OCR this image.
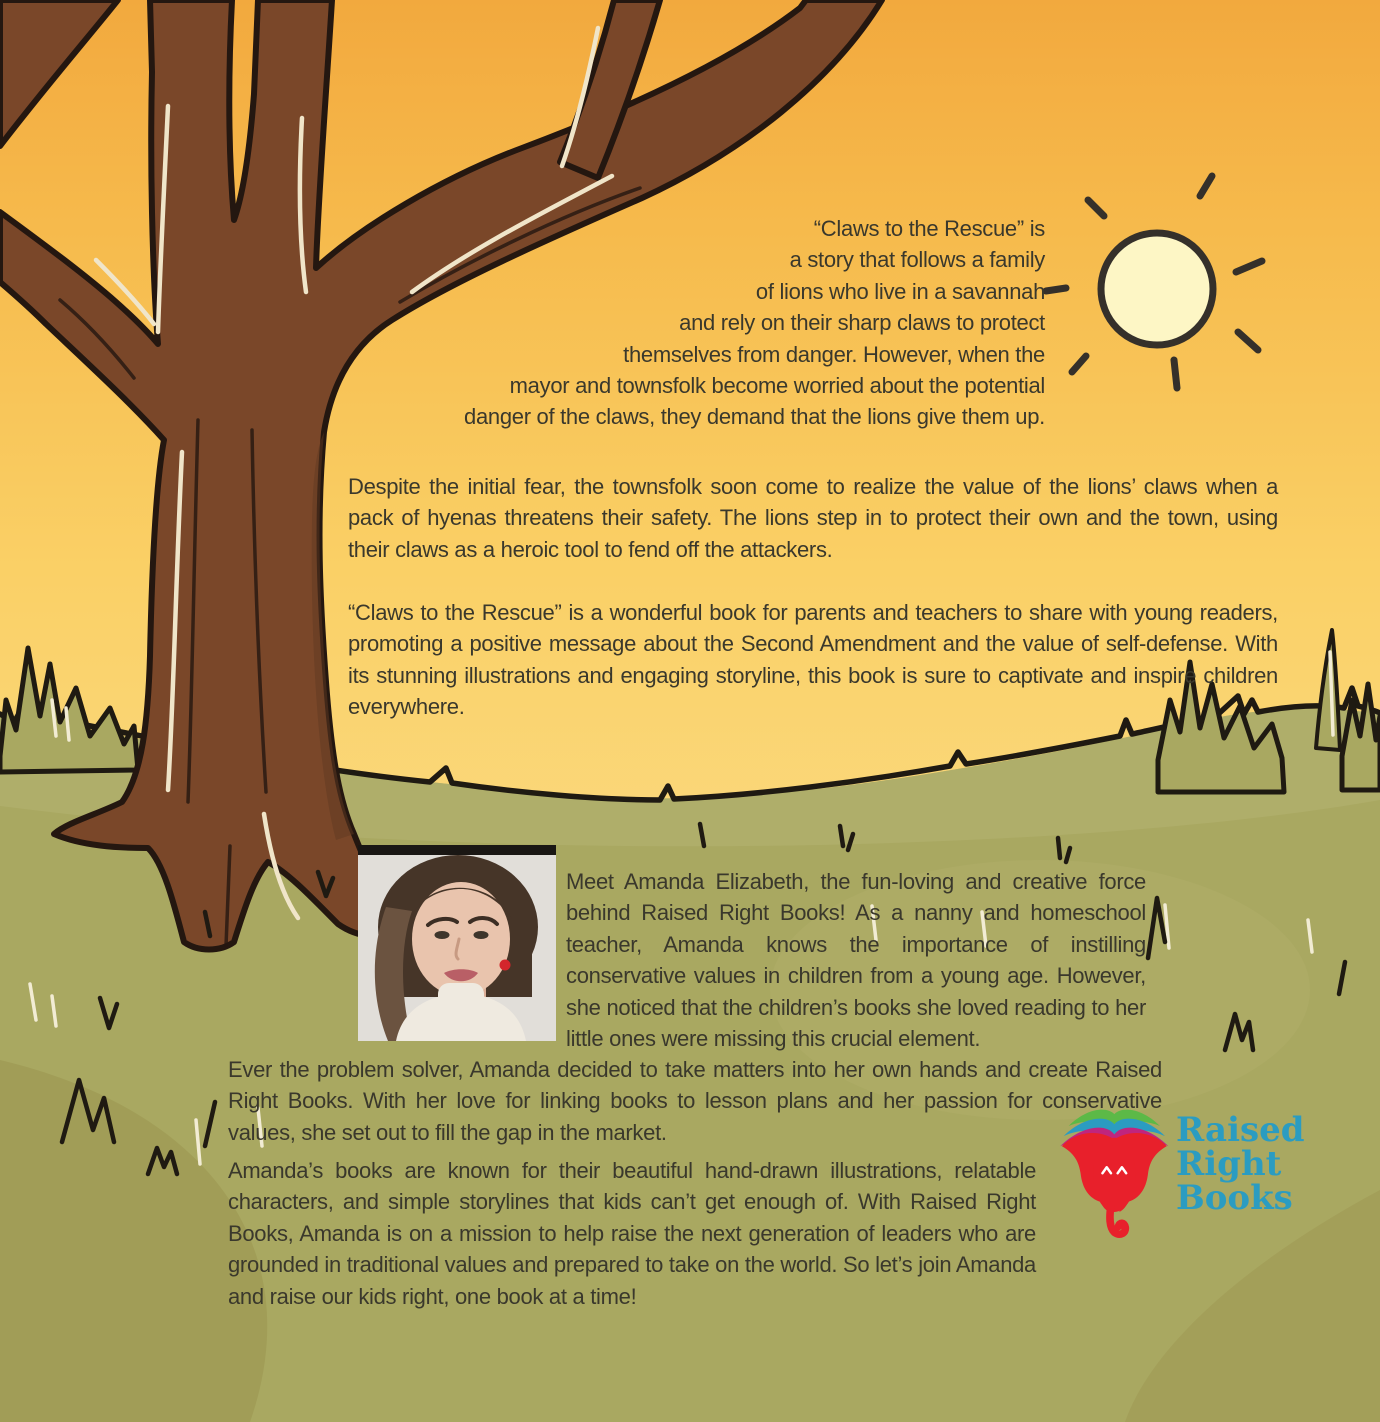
“Claws to the Rescue” is
a story that follows a family
of lions who live in a savannah
and rely on their sharp claws to protect
themselves from danger. However, when the
mayor and townsfolk become worried about the potential
danger of the claws, they demand that the lions give them up.
Despite the initial fear, the townsfolk soon come to realize the value of the lions’ claws when a pack of hyenas threatens their safety. The lions step in to protect their own and the town, using their claws as a heroic tool to fend off the attackers.
“Claws to the Rescue” is a wonderful book for parents and teachers to share with young readers, promoting a positive message about the Second Amendment and the value of self-defense. With its stunning illustrations and engaging storyline, this book is sure to captivate and inspire children everywhere.
Meet Amanda Elizabeth, the fun-loving and creative force behind Raised Right Books! As a nanny and homeschool teacher, Amanda knows the importance of instilling conservative values in children from a young age. However, she noticed that the children’s books she loved reading to her little ones were missing this crucial element.
Ever the problem solver, Amanda decided to take matters into her own hands and create Raised Right Books. With her love for linking books to lesson plans and her passion for conservative values, she set out to fill the gap in the market.
Amanda’s books are known for their beautiful hand-drawn illustrations, relatable characters, and simple storylines that kids can’t get enough of. With Raised Right Books, Amanda is on a mission to help raise the next generation of leaders who are grounded in traditional values and prepared to take on the world. So let’s join Amanda and raise our kids right, one book at a time!
Raised
Right
Books
